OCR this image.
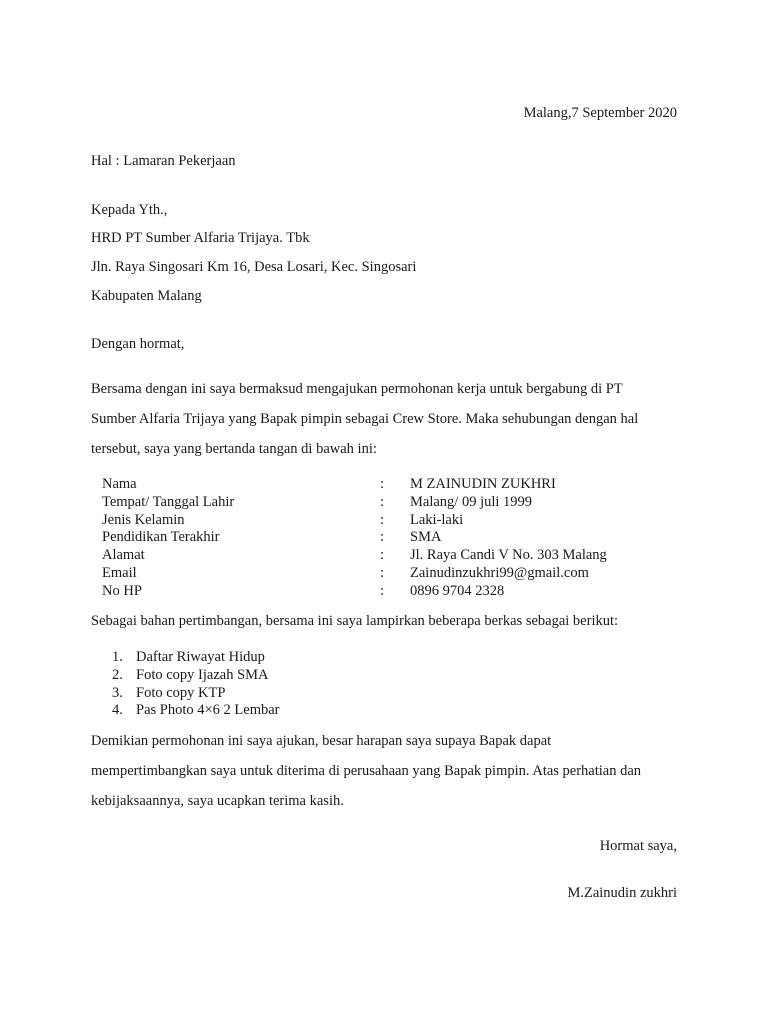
Malang,7 September 2020
Hal : Lamaran Pekerjaan
Kepada Yth.,
HRD PT Sumber Alfaria Trijaya. Tbk
Jln. Raya Singosari Km 16, Desa Losari, Kec. Singosari
Kabupaten Malang
Dengan hormat,
Bersama dengan ini saya bermaksud mengajukan permohonan kerja untuk bergabung di PT
Sumber Alfaria Trijaya yang Bapak pimpin sebagai Crew Store. Maka sehubungan dengan hal
tersebut, saya yang bertanda tangan di bawah ini:
Nama	: M ZAINUDIN ZUKHRI
Tempat/ Tanggal Lahir	: Malang/ 09 juli 1999
Jenis Kelamin	: Laki-laki
Pendidikan Terakhir	: SMA
Alamat	: Jl. Raya Candi V No. 303 Malang
Email	: Zainudinzukhri99@gmail.com
No HP	: 0896 9704 2328
Sebagai bahan pertimbangan, bersama ini saya lampirkan beberapa berkas sebagai berikut:
1. Daftar Riwayat Hidup
2. Foto copy Ijazah SMA
3. Foto copy KTP
4. Pas Photo 4×6 2 Lembar
Demikian permohonan ini saya ajukan, besar harapan saya supaya Bapak dapat
mempertimbangkan saya untuk diterima di perusahaan yang Bapak pimpin. Atas perhatian dan
kebijaksaannya, saya ucapkan terima kasih.
Hormat saya,
M.Zainudin zukhri
